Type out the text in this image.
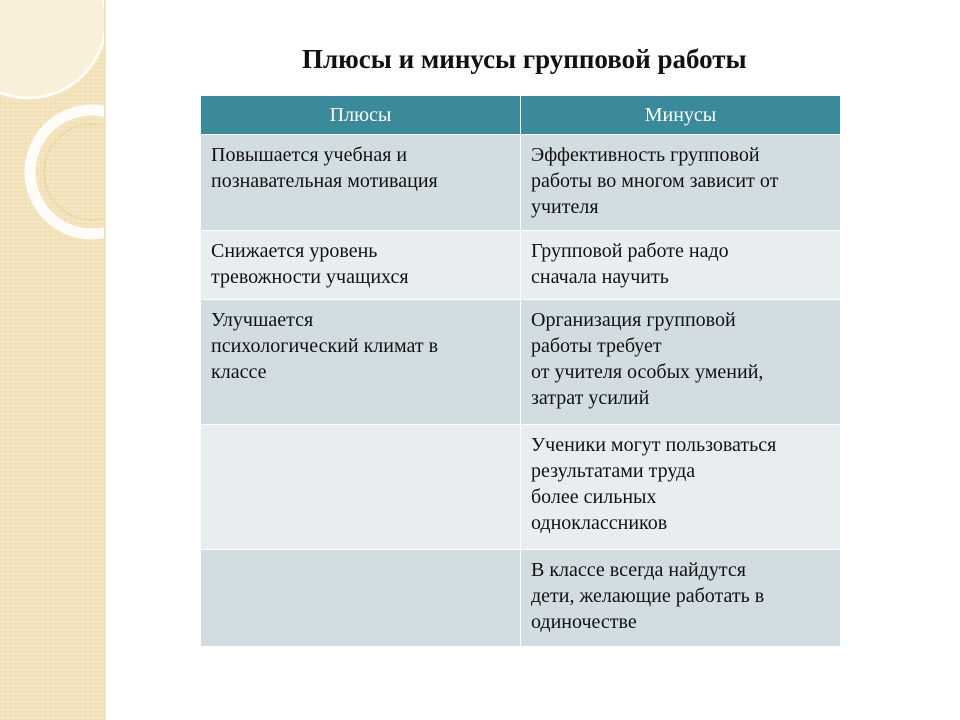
Плюсы и минусы групповой работы
Плюсы	Минусы
Повышается учебная и
познавательная мотивация	Эффективность групповой
работы во многом зависит от
учителя
Снижается уровень
тревожности учащихся	Групповой работе надо
сначала научить
Улучшается
психологический климат в
классе	Организация групповой
работы требует
от учителя особых умений,
затрат усилий
	Ученики могут пользоваться
результатами труда
более сильных
одноклассников
	В классе всегда найдутся
дети, желающие работать в
одиночестве
